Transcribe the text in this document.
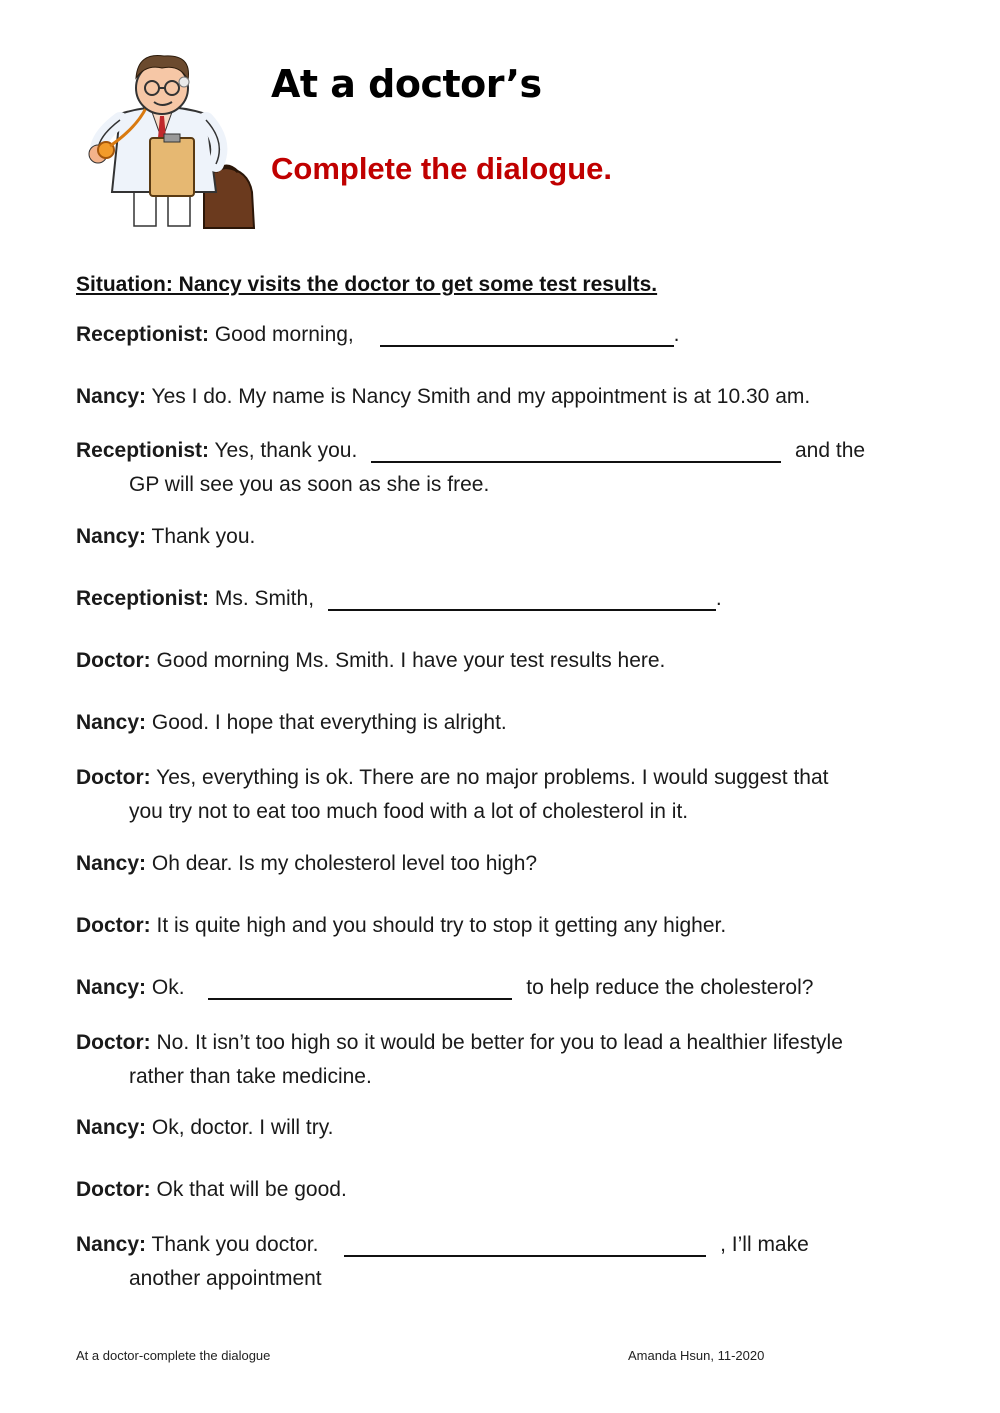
At a doctor’s
Complete the dialogue.
Situation: Nancy visits the doctor to get some test results.
Receptionist: Good morning,	.
Nancy: Yes I do. My name is Nancy Smith and my appointment is at 10.30 am.
Receptionist: Yes, thank you.	and the
GP will see you as soon as she is free.
Nancy: Thank you.
Receptionist: Ms. Smith,	.
Doctor: Good morning Ms. Smith. I have your test results here.
Nancy: Good. I hope that everything is alright.
Doctor: Yes, everything is ok. There are no major problems. I would suggest that
you try not to eat too much food with a lot of cholesterol in it.
Nancy: Oh dear. Is my cholesterol level too high?
Doctor: It is quite high and you should try to stop it getting any higher.
Nancy: Ok.	to help reduce the cholesterol?
Doctor: No. It isn’t too high so it would be better for you to lead a healthier lifestyle
rather than take medicine.
Nancy: Ok, doctor. I will try.
Doctor: Ok that will be good.
Nancy: Thank you doctor.	, I’ll make
another appointment
At a doctor-complete the dialogue	Amanda Hsun, 11-2020
